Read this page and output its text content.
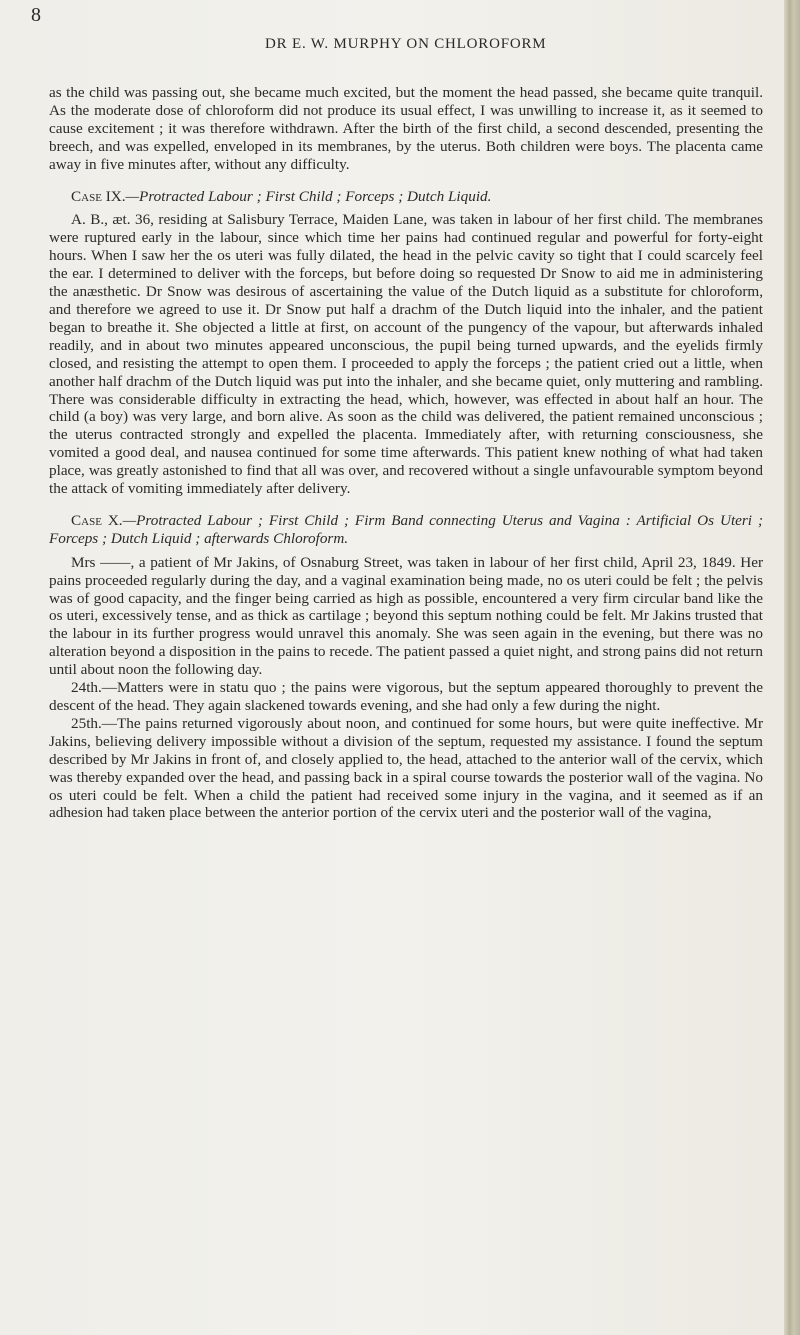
8
DR E. W. MURPHY ON CHLOROFORM

as the child was passing out, she became much excited, but the moment the head passed, she became quite tranquil. As the moderate dose of chloroform did not produce its usual effect, I was unwilling to increase it, as it seemed to cause excitement ; it was therefore withdrawn. After the birth of the first child, a second descended, presenting the breech, and was expelled, enveloped in its membranes, by the uterus. Both children were boys. The placenta came away in five minutes after, without any difficulty.

Case IX.—Protracted Labour ; First Child ; Forceps ; Dutch Liquid.

A. B., æt. 36, residing at Salisbury Terrace, Maiden Lane, was taken in labour of her first child. The membranes were ruptured early in the labour, since which time her pains had continued regular and powerful for forty-eight hours. When I saw her the os uteri was fully dilated, the head in the pelvic cavity so tight that I could scarcely feel the ear. I determined to deliver with the forceps, but before doing so requested Dr Snow to aid me in administering the anæsthetic. Dr Snow was desirous of ascertaining the value of the Dutch liquid as a substitute for chloroform, and therefore we agreed to use it. Dr Snow put half a drachm of the Dutch liquid into the inhaler, and the patient began to breathe it. She objected a little at first, on account of the pungency of the vapour, but afterwards inhaled readily, and in about two minutes appeared unconscious, the pupil being turned upwards, and the eyelids firmly closed, and resisting the attempt to open them. I proceeded to apply the forceps ; the patient cried out a little, when another half drachm of the Dutch liquid was put into the inhaler, and she became quiet, only muttering and rambling. There was considerable difficulty in extracting the head, which, however, was effected in about half an hour. The child (a boy) was very large, and born alive. As soon as the child was delivered, the patient remained unconscious ; the uterus contracted strongly and expelled the placenta. Immediately after, with returning consciousness, she vomited a good deal, and nausea continued for some time afterwards. This patient knew nothing of what had taken place, was greatly astonished to find that all was over, and recovered without a single unfavourable symptom beyond the attack of vomiting immediately after delivery.

Case X.—Protracted Labour ; First Child ; Firm Band connecting Uterus and Vagina : Artificial Os Uteri ; Forceps ; Dutch Liquid ; afterwards Chloroform.

Mrs ——, a patient of Mr Jakins, of Osnaburg Street, was taken in labour of her first child, April 23, 1849. Her pains proceeded regularly during the day, and a vaginal examination being made, no os uteri could be felt ; the pelvis was of good capacity, and the finger being carried as high as possible, encountered a very firm circular band like the os uteri, excessively tense, and as thick as cartilage ; beyond this septum nothing could be felt. Mr Jakins trusted that the labour in its further progress would unravel this anomaly. She was seen again in the evening, but there was no alteration beyond a disposition in the pains to recede. The patient passed a quiet night, and strong pains did not return until about noon the following day.

24th.—Matters were in statu quo ; the pains were vigorous, but the septum appeared thoroughly to prevent the descent of the head. They again slackened towards evening, and she had only a few during the night.

25th.—The pains returned vigorously about noon, and continued for some hours, but were quite ineffective. Mr Jakins, believing delivery impossible without a division of the septum, requested my assistance. I found the septum described by Mr Jakins in front of, and closely applied to, the head, attached to the anterior wall of the cervix, which was thereby expanded over the head, and passing back in a spiral course towards the posterior wall of the vagina. No os uteri could be felt. When a child the patient had received some injury in the vagina, and it seemed as if an adhesion had taken place between the anterior portion of the cervix uteri and the posterior wall of the vagina,
